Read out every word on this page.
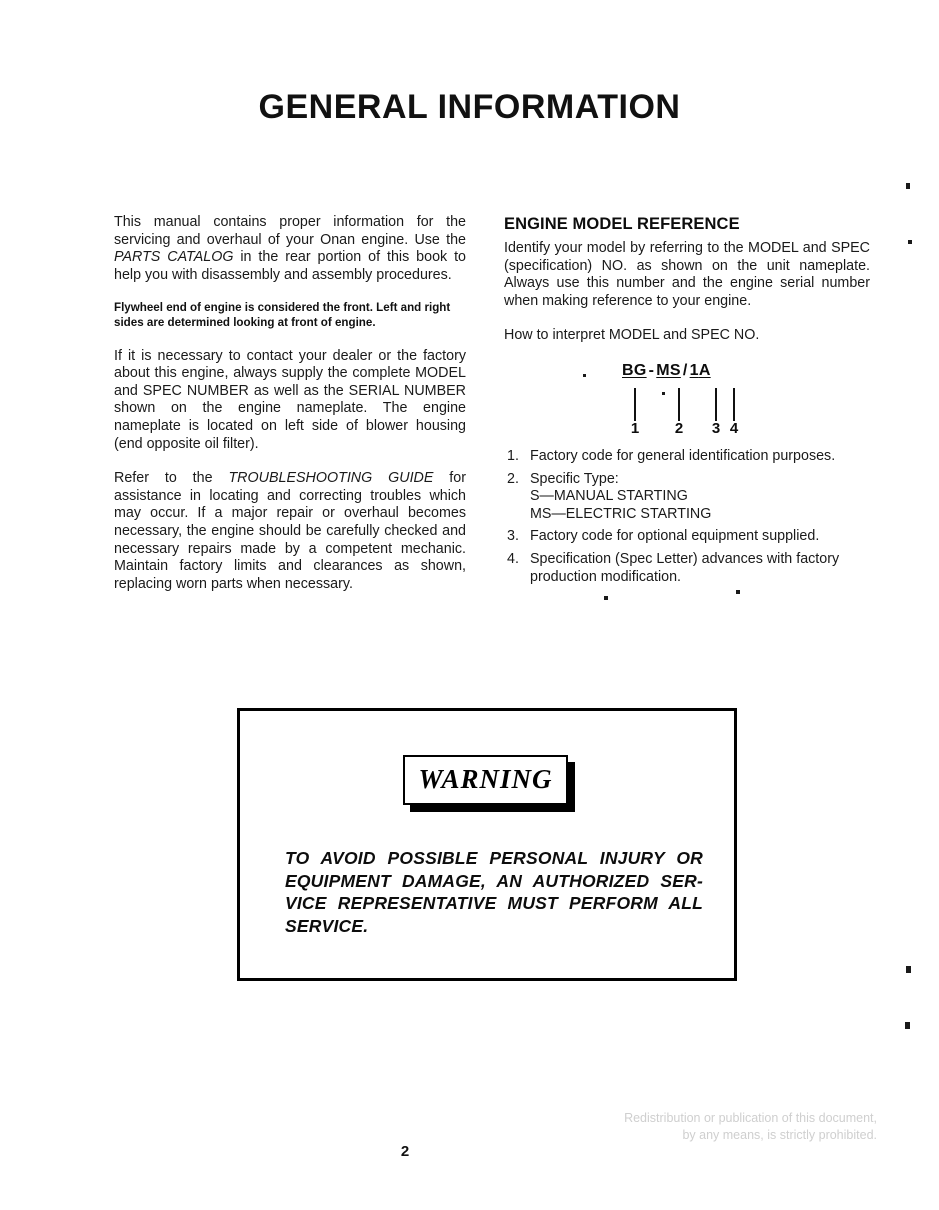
GENERAL INFORMATION

This manual contains proper information for the servicing and overhaul of your Onan engine. Use the PARTS CATALOG in the rear portion of this book to help you with disassembly and assembly procedures.

Flywheel end of engine is considered the front. Left and right sides are determined looking at front of engine.

If it is necessary to contact your dealer or the factory about this engine, always supply the complete MODEL and SPEC NUMBER as well as the SERIAL NUMBER shown on the engine nameplate. The engine nameplate is located on left side of blower housing (end opposite oil filter).

Refer to the TROUBLESHOOTING GUIDE for assistance in locating and correcting troubles which may occur. If a major repair or overhaul becomes necessary, the engine should be carefully checked and necessary repairs made by a competent mechanic. Maintain factory limits and clearances as shown, replacing worn parts when necessary.

ENGINE MODEL REFERENCE

Identify your model by referring to the MODEL and SPEC (specification) NO. as shown on the unit nameplate. Always use this number and the engine serial number when making reference to your engine.

How to interpret MODEL and SPEC NO.

BG - MS / 1A
1 2 3 4
1. Factory code for general identification purposes.
2. Specific Type:
S—MANUAL STARTING
MS—ELECTRIC STARTING
3. Factory code for optional equipment supplied.
4. Specification (Spec Letter) advances with factory production modification.
WARNING
TO AVOID POSSIBLE PERSONAL INJURY OR
EQUIPMENT DAMAGE, AN AUTHORIZED SER-
VICE REPRESENTATIVE MUST PERFORM ALL
SERVICE.
Redistribution or publication of this document,
by any means, is strictly prohibited.
2
